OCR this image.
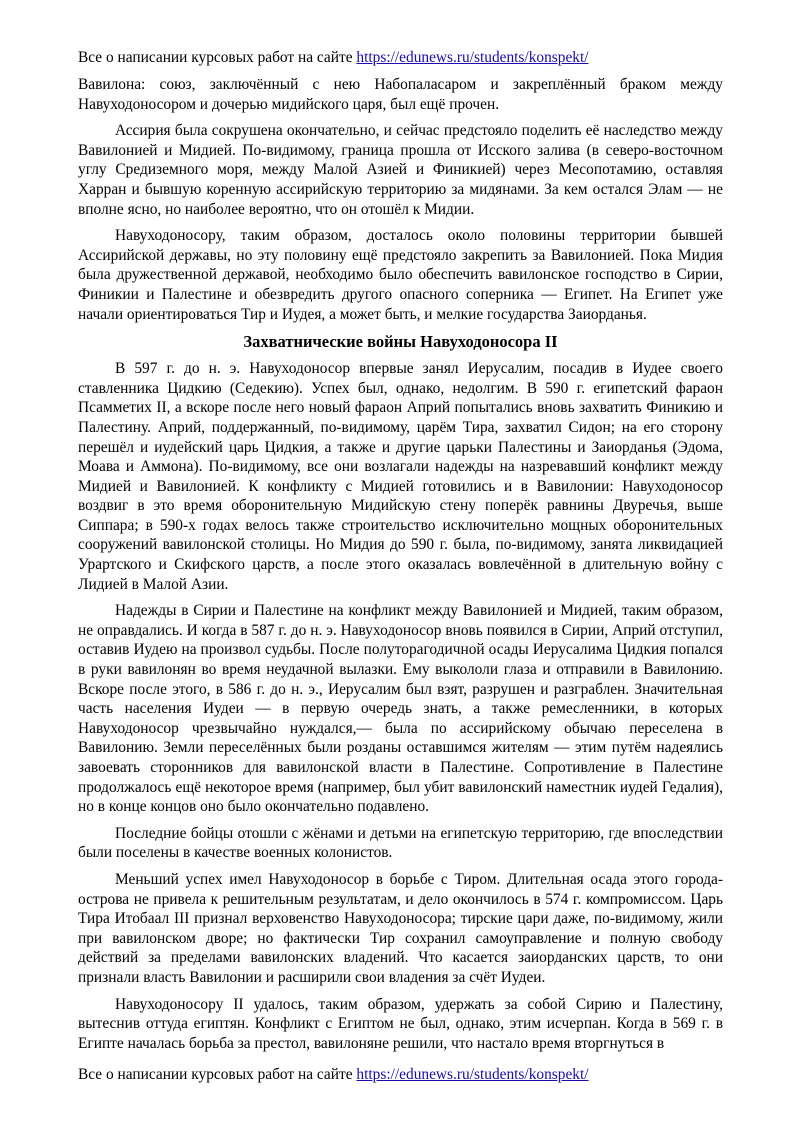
Все о написании курсовых работ на сайте https://edunews.ru/students/konspekt/

Вавилона: союз, заключённый с нею Набопаласаром и закреплённый браком между Навуходоносором и дочерью мидийского царя, был ещё прочен.

Ассирия была сокрушена окончательно, и сейчас предстояло поделить её наследство между Вавилонией и Мидией. По-видимому, граница прошла от Исского залива (в северо-восточном углу Средиземного моря, между Малой Азией и Финикией) через Месопотамию, оставляя Харран и бывшую коренную ассирийскую территорию за мидянами. За кем остался Элам — не вполне ясно, но наиболее вероятно, что он отошёл к Мидии.

Навуходоносору, таким образом, досталось около половины территории бывшей Ассирийской державы, но эту половину ещё предстояло закрепить за Вавилонией. Пока Мидия была дружественной державой, необходимо было обеспечить вавилонское господство в Сирии, Финикии и Палестине и обезвредить другого опасного соперника — Египет. На Египет уже начали ориентироваться Тир и Иудея, а может быть, и мелкие государства Заиорданья.

Захватнические войны Навуходоносора II

В 597 г. до н. э. Навуходоносор впервые занял Иерусалим, посадив в Иудее своего ставленника Цидкию (Седекию). Успех был, однако, недолгим. В 590 г. египетский фараон Псамметих II, а вскоре после него новый фараон Априй попытались вновь захватить Финикию и Палестину. Априй, поддержанный, по-видимому, царём Тира, захватил Сидон; на его сторону перешёл и иудейский царь Цидкия, а также и другие царьки Палестины и Заиорданья (Эдома, Моава и Аммона). По-видимому, все они возлагали надежды на назревавший конфликт между Мидией и Вавилонией. К конфликту с Мидией готовились и в Вавилонии: Навуходоносор воздвиг в это время оборонительную Мидийскую стену поперёк равнины Двуречья, выше Сиппара; в 590-х годах велось также строительство исключительно мощных оборонительных сооружений вавилонской столицы. Но Мидия до 590 г. была, по-видимому, занята ликвидацией Урартского и Скифского царств, а после этого оказалась вовлечённой в длительную войну с Лидией в Малой Азии.

Надежды в Сирии и Палестине на конфликт между Вавилонией и Мидией, таким образом, не оправдались. И когда в 587 г. до н. э. Навуходоносор вновь появился в Сирии, Априй отступил, оставив Иудею на произвол судьбы. После полуторагодичной осады Иерусалима Цидкия попался в руки вавилонян во время неудачной вылазки. Ему выкололи глаза и отправили в Вавилонию. Вскоре после этого, в 586 г. до н. э., Иерусалим был взят, разрушен и разграблен. Значительная часть населения Иудеи — в первую очередь знать, а также ремесленники, в которых Навуходоносор чрезвычайно нуждался,— была по ассирийскому обычаю переселена в Вавилонию. Земли переселённых были розданы оставшимся жителям — этим путём надеялись завоевать сторонников для вавилонской власти в Палестине. Сопротивление в Палестине продолжалось ещё некоторое время (например, был убит вавилонский наместник иудей Гедалия), но в конце концов оно было окончательно подавлено.

Последние бойцы отошли с жёнами и детьми на египетскую территорию, где впоследствии были поселены в качестве военных колонистов.

Меньший успех имел Навуходоносор в борьбе с Тиром. Длительная осада этого города-острова не привела к решительным результатам, и дело окончилось в 574 г. компромиссом. Царь Тира Итобаал III признал верховенство Навуходоносора; тирские цари даже, по-видимому, жили при вавилонском дворе; но фактически Тир сохранил самоуправление и полную свободу действий за пределами вавилонских владений. Что касается заиорданских царств, то они признали власть Вавилонии и расширили свои владения за счёт Иудеи.

Навуходоносору II удалось, таким образом, удержать за собой Сирию и Палестину, вытеснив оттуда египтян. Конфликт с Египтом не был, однако, этим исчерпан. Когда в 569 г. в Египте началась борьба за престол, вавилоняне решили, что настало время вторгнуться в

Все о написании курсовых работ на сайте https://edunews.ru/students/konspekt/
